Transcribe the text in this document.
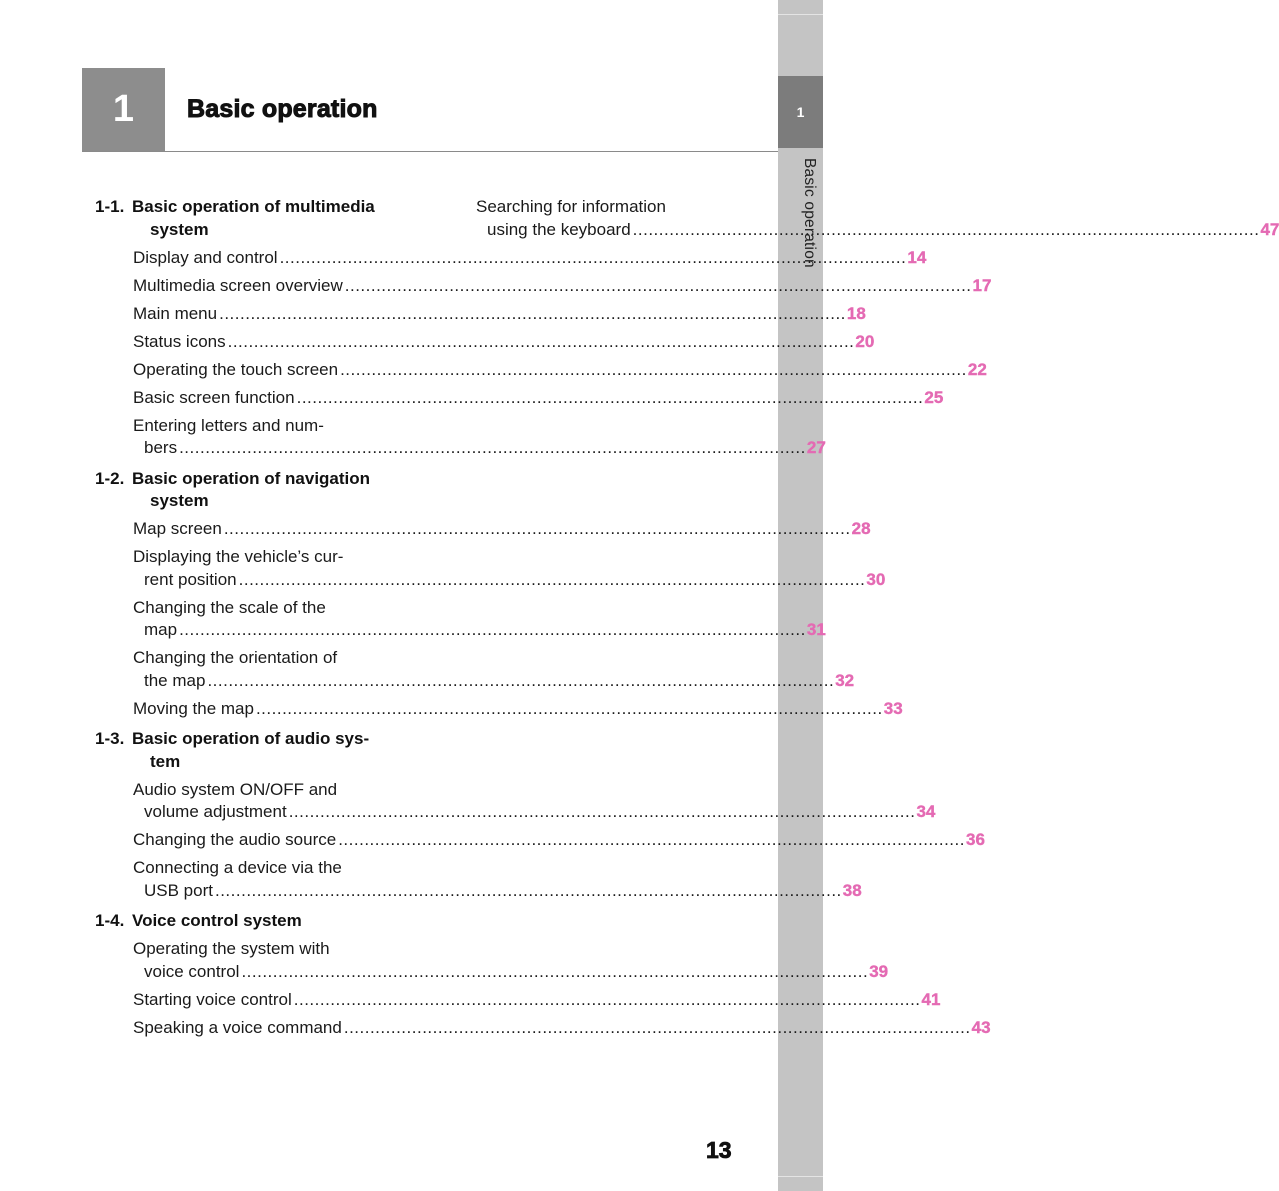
1
Basic operation
1	Basic operation
1-1. Basic operation of multimedia
system
Display and control ........................................................................................................................ 14
Multimedia screen overview ........................................................................................................................ 17
Main menu ........................................................................................................................ 18
Status icons ........................................................................................................................ 20
Operating the touch screen ........................................................................................................................ 22
Basic screen function ........................................................................................................................ 25
Entering letters and num-
bers ........................................................................................................................ 27
1-2. Basic operation of navigation
system
Map screen ........................................................................................................................ 28
Displaying the vehicle’s cur-
rent position ........................................................................................................................ 30
Changing the scale of the
map ........................................................................................................................ 31
Changing the orientation of
the map ........................................................................................................................ 32
Moving the map ........................................................................................................................ 33
1-3. Basic operation of audio sys-
tem
Audio system ON/OFF and
volume adjustment ........................................................................................................................ 34
Changing the audio source ........................................................................................................................ 36
Connecting a device via the
USB port ........................................................................................................................ 38
1-4. Voice control system
Operating the system with
voice control ........................................................................................................................ 39
Starting voice control ........................................................................................................................ 41
Speaking a voice command ........................................................................................................................ 43
Searching for information
using the keyboard ........................................................................................................................ 47
13
